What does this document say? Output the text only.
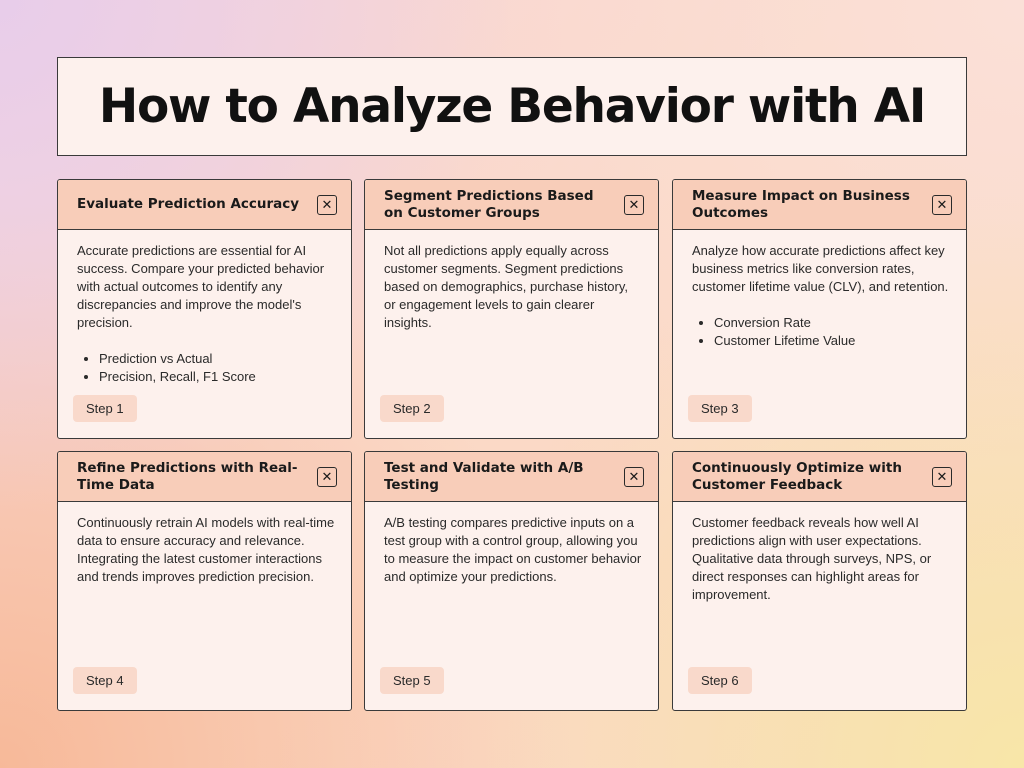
How to Analyze Behavior with AI
Evaluate Prediction Accuracy	✕

Accurate predictions are essential for AI success. Compare your predicted behavior with actual outcomes to identify any discrepancies and improve the model's precision.

• Prediction vs Actual
• Precision, Recall, F1 Score
Step 1
Segment Predictions Based on Customer Groups	✕

Not all predictions apply equally across customer segments. Segment predictions based on demographics, purchase history, or engagement levels to gain clearer insights.

Step 2
Measure Impact on Business Outcomes	✕

Analyze how accurate predictions affect key business metrics like conversion rates, customer lifetime value (CLV), and retention.

• Conversion Rate
• Customer Lifetime Value
Step 3
Refine Predictions with Real-Time Data	✕

Continuously retrain AI models with real-time data to ensure accuracy and relevance. Integrating the latest customer interactions and trends improves prediction precision.

Step 4
Test and Validate with A/B Testing	✕

A/B testing compares predictive inputs on a test group with a control group, allowing you to measure the impact on customer behavior and optimize your predictions.

Step 5
Continuously Optimize with Customer Feedback	✕

Customer feedback reveals how well AI predictions align with user expectations. Qualitative data through surveys, NPS, or direct responses can highlight areas for improvement.

Step 6
